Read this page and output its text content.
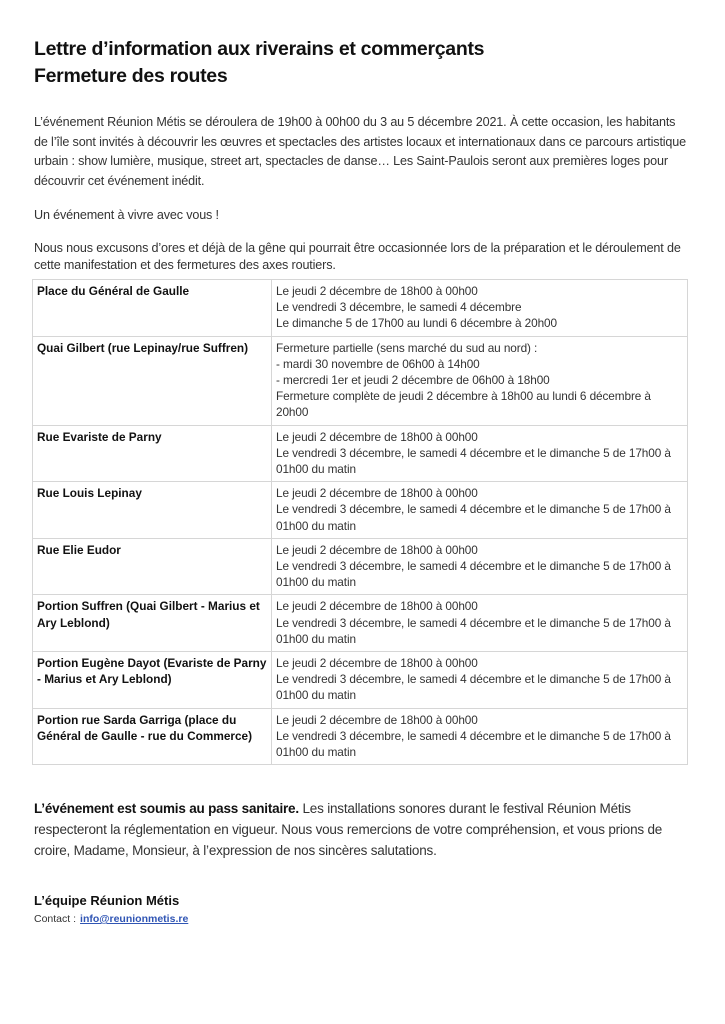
Lettre d’information aux riverains et commerçants
Fermeture des routes

L’événement Réunion Métis se déroulera de 19h00 à 00h00 du 3 au 5 décembre 2021. À cette occasion, les habitants de l’île sont invités à découvrir les œuvres et spectacles des artistes locaux et internationaux dans ce parcours artistique urbain : show lumière, musique, street art, spectacles de danse… Les Saint-Paulois seront aux premières loges pour découvrir cet événement inédit.

Un événement à vivre avec vous !

Nous nous excusons d’ores et déjà de la gêne qui pourrait être occasionnée lors de la préparation et le déroulement de cette manifestation et des fermetures des axes routiers.

Place du Général de Gaulle	Le jeudi 2 décembre de 18h00 à 00h00
Le vendredi 3 décembre, le samedi 4 décembre
Le dimanche 5 de 17h00 au lundi 6 décembre à 20h00

Quai Gilbert (rue Lepinay/rue Suffren)	Fermeture partielle (sens marché du sud au nord) :
- mardi 30 novembre de 06h00 à 14h00
- mercredi 1er et jeudi 2 décembre de 06h00 à 18h00
Fermeture complète de jeudi 2 décembre à 18h00 au lundi 6 décembre à 20h00

Rue Evariste de Parny	Le jeudi 2 décembre de 18h00 à 00h00
Le vendredi 3 décembre, le samedi 4 décembre et le dimanche 5 de 17h00 à 01h00 du matin

Rue Louis Lepinay	Le jeudi 2 décembre de 18h00 à 00h00
Le vendredi 3 décembre, le samedi 4 décembre et le dimanche 5 de 17h00 à 01h00 du matin

Rue Elie Eudor	Le jeudi 2 décembre de 18h00 à 00h00
Le vendredi 3 décembre, le samedi 4 décembre et le dimanche 5 de 17h00 à 01h00 du matin

Portion Suffren (Quai Gilbert - Marius et Ary Leblond)	Le jeudi 2 décembre de 18h00 à 00h00
Le vendredi 3 décembre, le samedi 4 décembre et le dimanche 5 de 17h00 à 01h00 du matin

Portion Eugène Dayot (Evariste de Parny - Marius et Ary Leblond)	Le jeudi 2 décembre de 18h00 à 00h00
Le vendredi 3 décembre, le samedi 4 décembre et le dimanche 5 de 17h00 à 01h00 du matin

Portion rue Sarda Garriga (place du Général de Gaulle - rue du Commerce)	Le jeudi 2 décembre de 18h00 à 00h00
Le vendredi 3 décembre, le samedi 4 décembre et le dimanche 5 de 17h00 à 01h00 du matin

L’événement est soumis au pass sanitaire. Les installations sonores durant le festival Réunion Métis respecteront la réglementation en vigueur. Nous vous remercions de votre compréhension, et vous prions de croire, Madame, Monsieur, à l’expression de nos sincères salutations.

L’équipe Réunion Métis

Contact : info@reunionmetis.re
